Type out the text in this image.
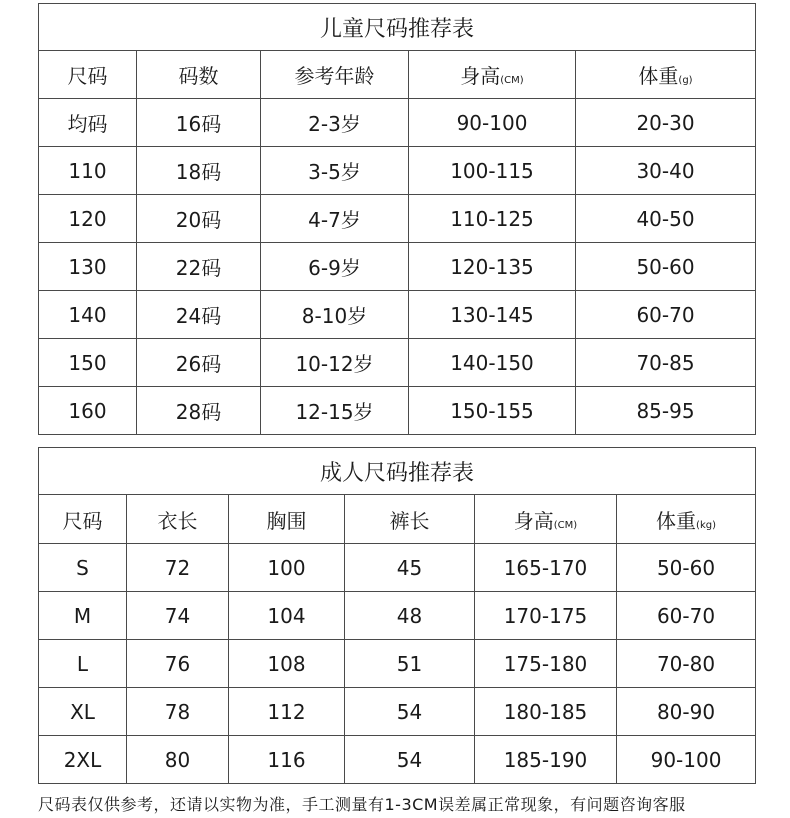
儿童尺码推荐表				
尺码	码数	参考年龄	身高(CM)	体重(g)
均码	16码	2-3岁	90-100	20-30
110	18码	3-5岁	100-115	30-40
120	20码	4-7岁	110-125	40-50
130	22码	6-9岁	120-135	50-60
140	24码	8-10岁	130-145	60-70
150	26码	10-12岁	140-150	70-85
160	28码	12-15岁	150-155	85-95
成人尺码推荐表					
尺码	衣长	胸围	裤长	身高(CM)	体重(kg)
S	72	100	45	165-170	50-60
M	74	104	48	170-175	60-70
L	76	108	51	175-180	70-80
XL	78	112	54	180-185	80-90
2XL	80	116	54	185-190	90-100
尺码表仅供参考，还请以实物为准，手工测量有1-3CM误差属正常现象，有问题咨询客服
